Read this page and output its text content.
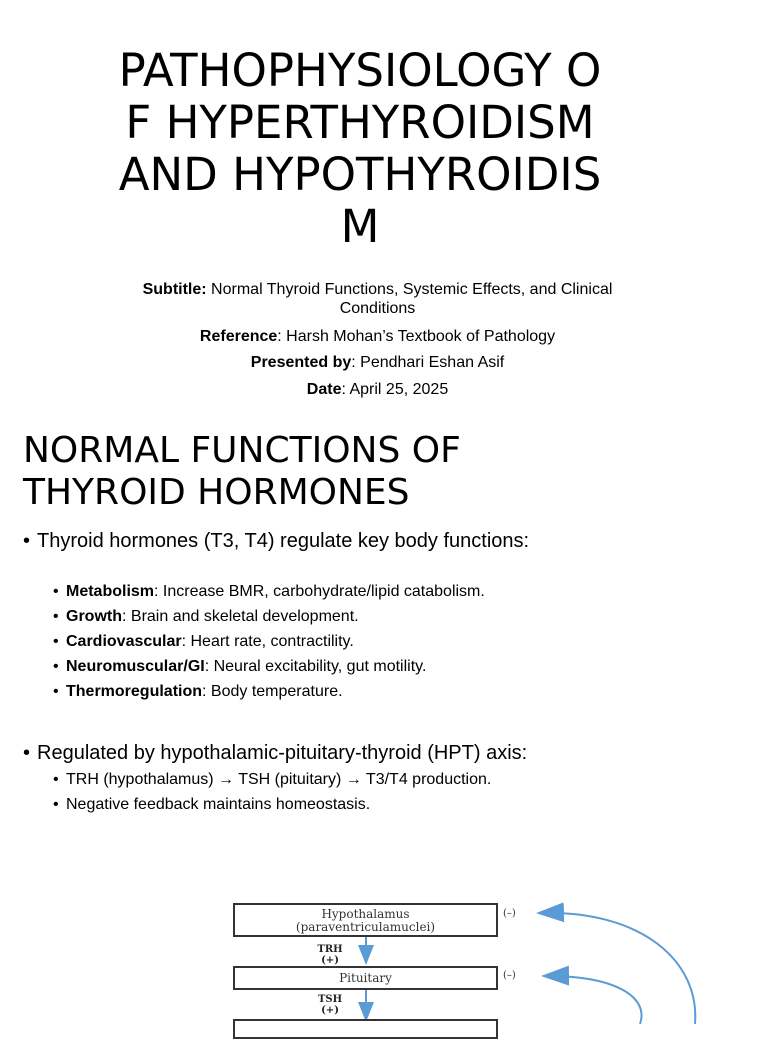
PATHOPHYSIOLOGY OF HYPERTHYROIDISM AND HYPOTHYROIDISM

Subtitle: Normal Thyroid Functions, Systemic Effects, and Clinical Conditions

Reference: Harsh Mohan’s Textbook of Pathology

Presented by: Pendhari Eshan Asif

Date: April 25, 2025

NORMAL FUNCTIONS OF THYROID HORMONES
• Thyroid hormones (T3, T4) regulate key body functions:
• Metabolism: Increase BMR, carbohydrate/lipid catabolism.
• Growth: Brain and skeletal development.
• Cardiovascular: Heart rate, contractility.
• Neuromuscular/GI: Neural excitability, gut motility.
• Thermoregulation: Body temperature.
• Regulated by hypothalamic-pituitary-thyroid (HPT) axis:
• TRH (hypothalamus) → TSH (pituitary) → T3/T4 production.
• Negative feedback maintains homeostasis.
Hypothalamus
(paraventriculamuclei)
(–)
TRH
(+)
Pituitary	(–)
TSH
(+)
